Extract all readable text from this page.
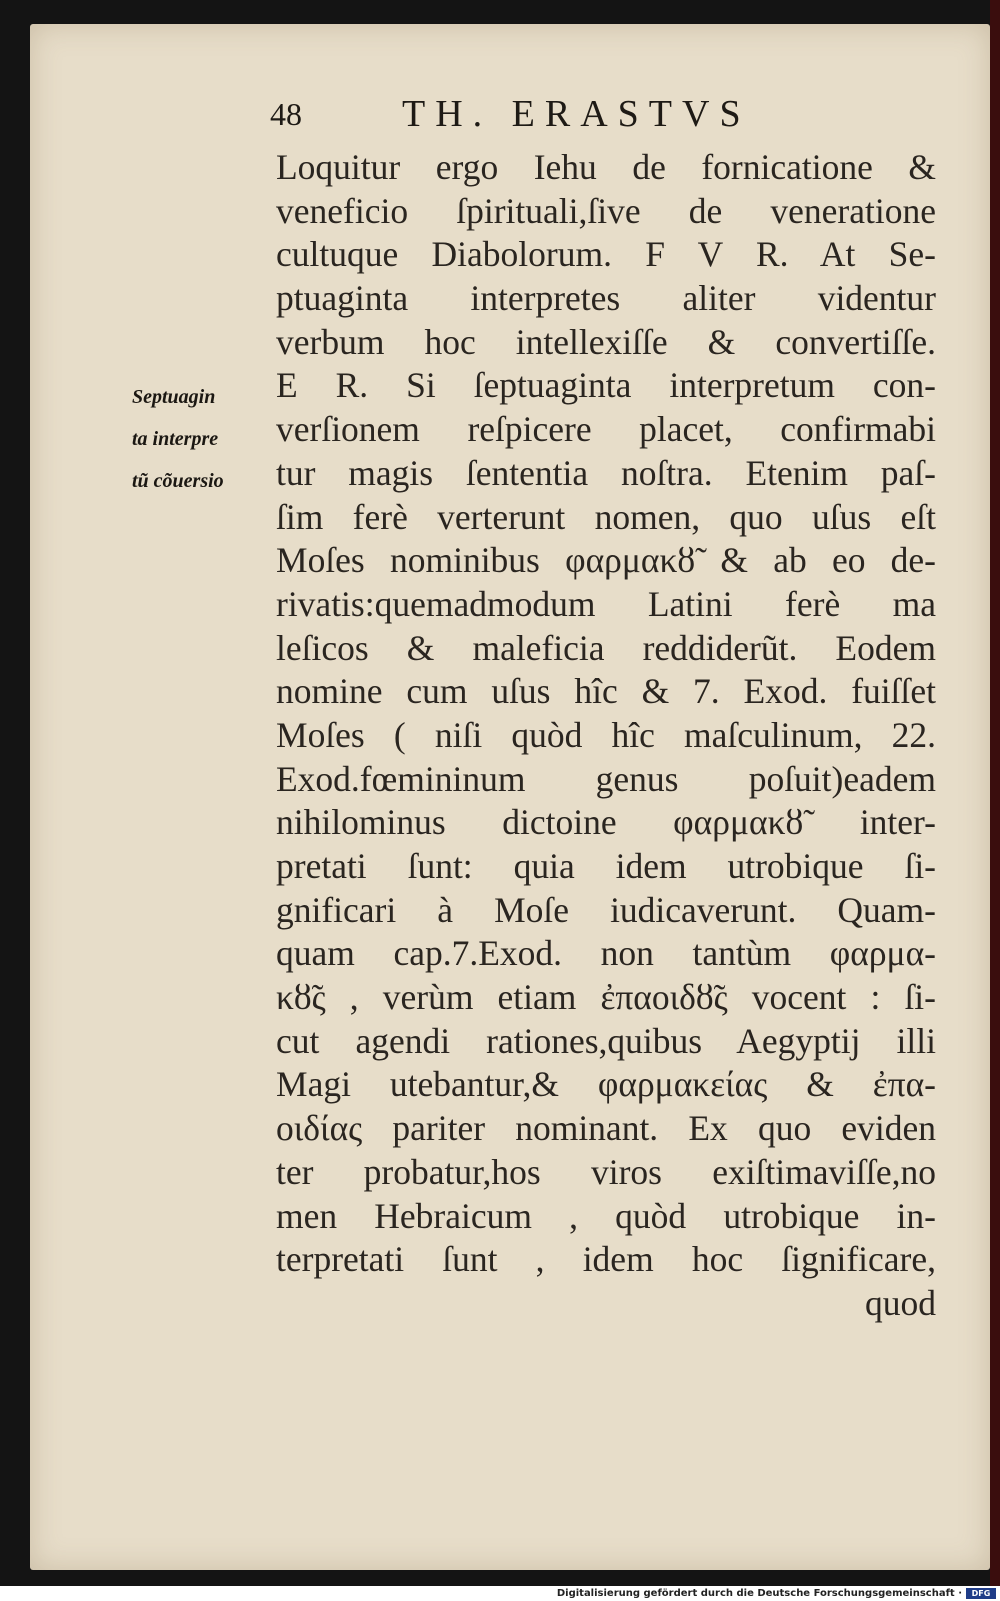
48	TH. ERASTVS
Septuagin
ta interpre
tũ cõuersio
Loquitur ergo Iehu de fornicatione &
veneficio ſpirituali,ſive de veneratione
cultuque Diabolorum. F V R. At Se-
ptuaginta interpretes aliter videntur
verbum hoc intellexiſſe & convertiſſe.
E R. Si ſeptuaginta interpretum con-
verſionem reſpicere placet, confirmabi
tur magis ſententia noſtra. Etenim paſ-
ſim ferè verterunt nomen, quo uſus eſt
Moſes nominibus φαρμακȣ̃ & ab eo de-
rivatis:quemadmodum Latini ferè ma
leſicos & maleficia reddiderũt. Eodem
nomine cum uſus hîc & 7. Exod. fuiſſet
Moſes ( niſi quòd hîc maſculinum, 22.
Exod.fœmininum genus poſuit)eadem
nihilominus dictoine φαρμακȣ̃ inter-
pretati ſunt: quia idem utrobique ſi-
gnificari à Moſe iudicaverunt. Quam-
quam cap.7.Exod. non tantùm φαρμα-
κȣ̃ς , verùm etiam ἐπαοιδȣ̃ς vocent : ſi-
cut agendi rationes,quibus Aegyptij illi
Magi utebantur,& φαρμακείας & ἐπα-
οιδίας pariter nominant. Ex quo eviden
ter probatur,hos viros exiſtimaviſſe,no
men Hebraicum , quòd utrobique in-
terpretati ſunt , idem hoc ſignificare,
quod
Digitalisierung gefördert durch die Deutsche Forschungsgemeinschaft ·	DFG
